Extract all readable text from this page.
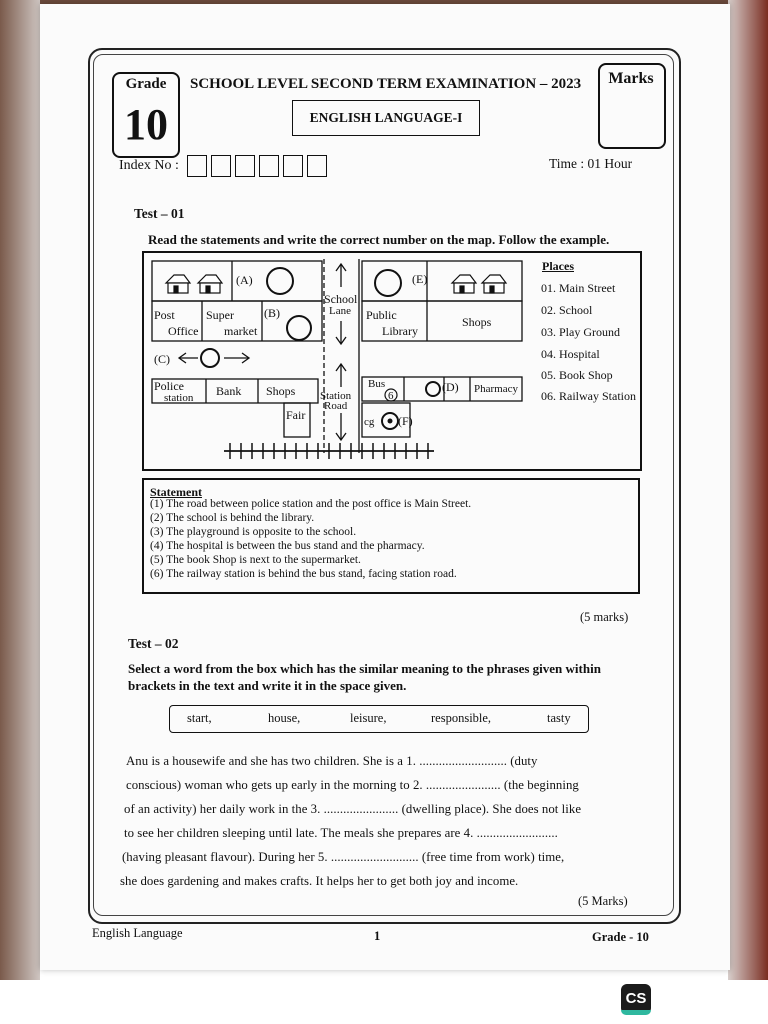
Grade
10
SCHOOL LEVEL SECOND TERM EXAMINATION – 2023
ENGLISH LANGUAGE-I
Marks
Index No :	Time : 01 Hour
Test – 01
Read the statements and write the correct number on the map. Follow the example.
(A)
(B)
(C)
(D)
(E)
(F)
Post
Office
Super
market
School
Lane Public
Library
Shops
Police
station Bank Shops Station
Road
Bus
6
Pharmacy
Fair	cg
Places
01. Main Street
02. School
03. Play Ground
04. Hospital
05. Book Shop
06. Railway Station
Statement
(1) The road between police station and the post office is Main Street.
(2) The school is behind the library.
(3) The playground is opposite to the school.
(4) The hospital is between the bus stand and the pharmacy.
(5) The book Shop is next to the supermarket.
(6) The railway station is behind the bus stand, facing station road.
(5 marks)
Test – 02
Select a word from the box which has the similar meaning to the phrases given within
brackets in the text and write it in the space given.
start,	house,	leisure,	responsible,	tasty
Anu is a housewife and she has two children. She is a 1. ........................... (duty
conscious) woman who gets up early in the morning to 2. ....................... (the beginning
of an activity) her daily work in the 3. ....................... (dwelling place). She does not like
to see her children sleeping until late. The meals she prepares are 4. .........................
(having pleasant flavour). During her 5. ........................... (free time from work) time,
she does gardening and makes crafts. It helps her to get both joy and income.
(5 Marks)
English Language	1	Grade - 10
CS
